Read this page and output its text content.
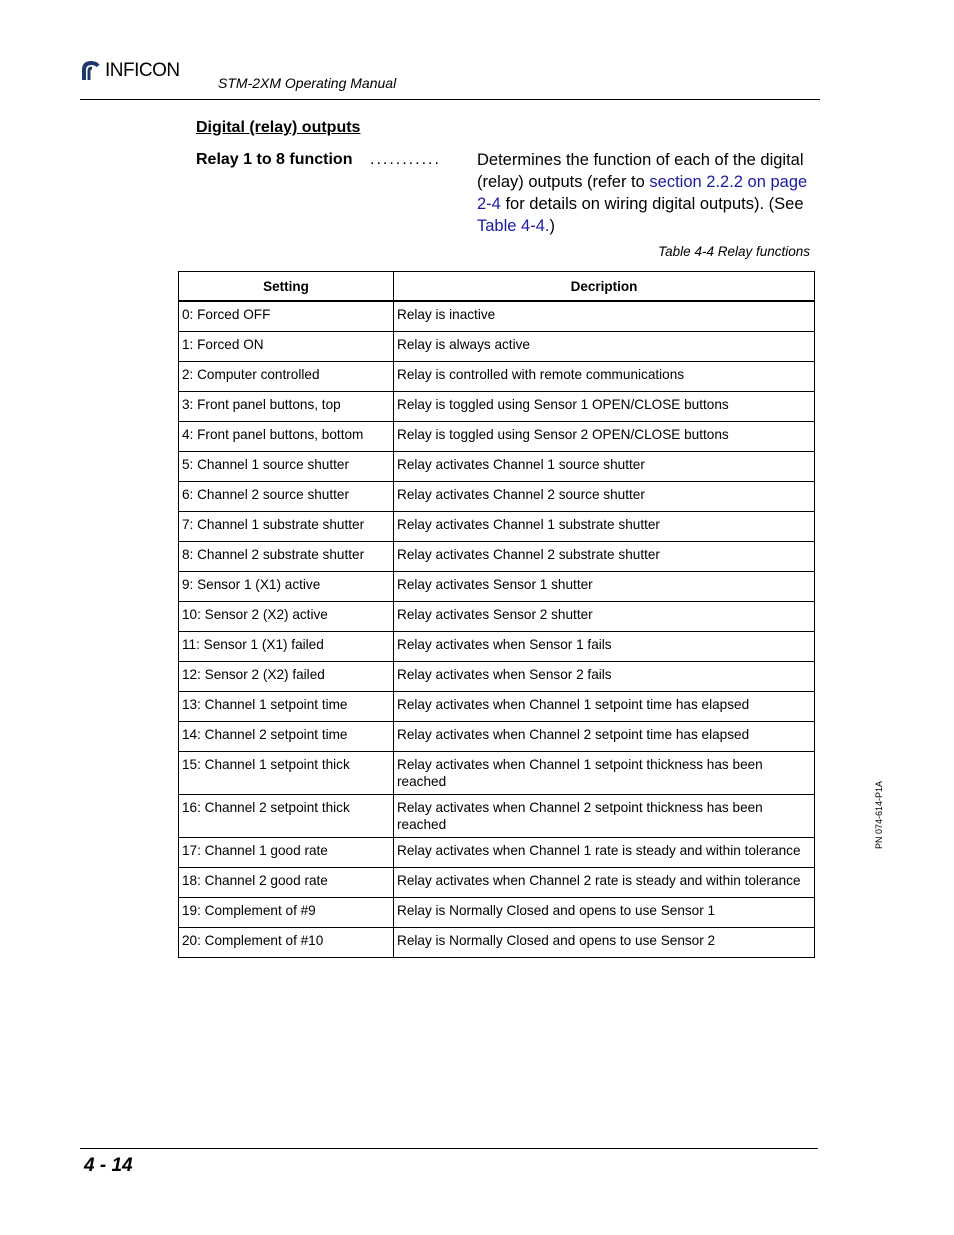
INFICON
STM-2XM Operating Manual
Digital (relay) outputs
Relay 1 to 8 function ........... Determines the function of each of the digital (relay) outputs (refer to section 2.2.2 on page 2-4 for details on wiring digital outputs). (See Table 4-4.)
Table 4-4 Relay functions
Setting	Decription
0: Forced OFF	Relay is inactive
1: Forced ON	Relay is always active
2: Computer controlled	Relay is controlled with remote communications
3: Front panel buttons, top	Relay is toggled using Sensor 1 OPEN/CLOSE buttons
4: Front panel buttons, bottom	Relay is toggled using Sensor 2 OPEN/CLOSE buttons
5: Channel 1 source shutter	Relay activates Channel 1 source shutter
6: Channel 2 source shutter	Relay activates Channel 2 source shutter
7: Channel 1 substrate shutter	Relay activates Channel 1 substrate shutter
8: Channel 2 substrate shutter	Relay activates Channel 2 substrate shutter
9: Sensor 1 (X1) active	Relay activates Sensor 1 shutter
10: Sensor 2 (X2) active	Relay activates Sensor 2 shutter
11: Sensor 1 (X1) failed	Relay activates when Sensor 1 fails
12: Sensor 2 (X2) failed	Relay activates when Sensor 2 fails
13: Channel 1 setpoint time	Relay activates when Channel 1 setpoint time has elapsed
14: Channel 2 setpoint time	Relay activates when Channel 2 setpoint time has elapsed
15: Channel 1 setpoint thick	Relay activates when Channel 1 setpoint thickness has been reached
16: Channel 2 setpoint thick	Relay activates when Channel 2 setpoint thickness has been reached
17: Channel 1 good rate	Relay activates when Channel 1 rate is steady and within tolerance
18: Channel 2 good rate	Relay activates when Channel 2 rate is steady and within tolerance
19: Complement of #9	Relay is Normally Closed and opens to use Sensor 1
20: Complement of #10	Relay is Normally Closed and opens to use Sensor 2
PN 074-614-P1A
4 - 14
